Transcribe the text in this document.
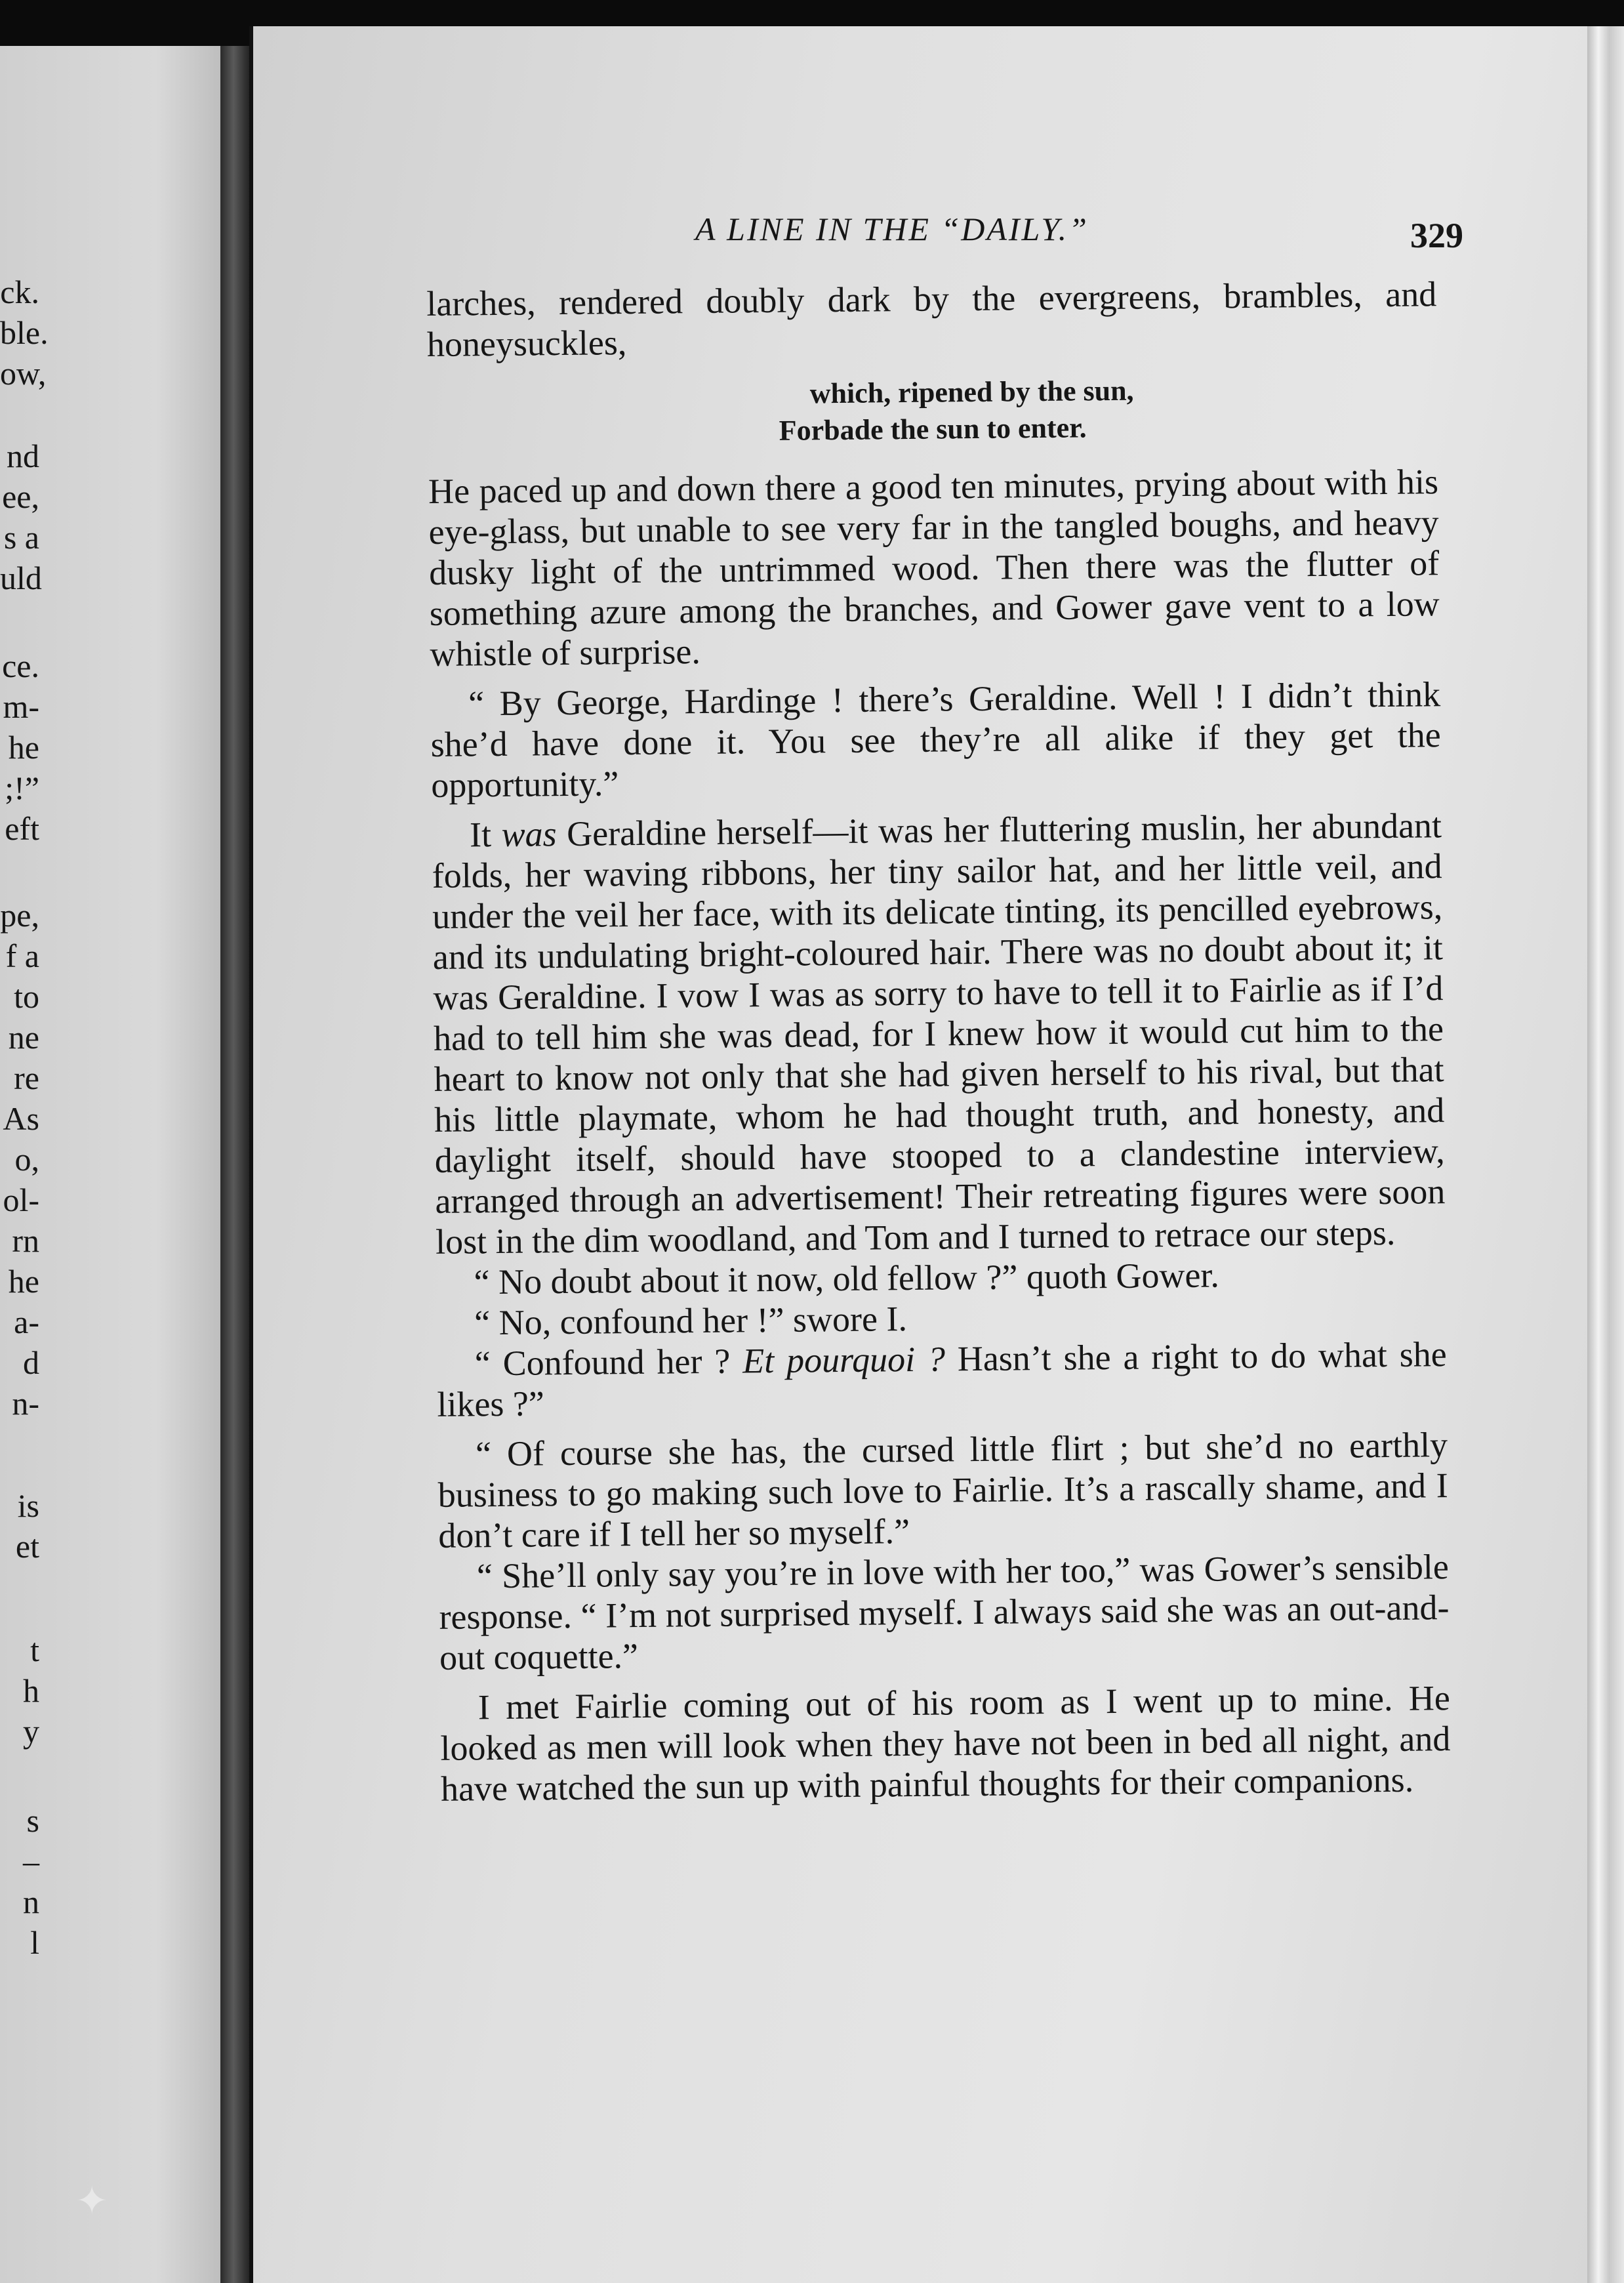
ck.
ble.
ow,
nd
ee,
s a
uld
ce.
m-
he
;!”
eft
pe,
f a
to
ne
re
As
o,
ol-
rn
he
a-
d
n-
is
et
t
h
y
s
–
n
l
A LINE IN THE “DAILY.”	329

larches, rendered doubly dark by the evergreens, brambles, and honeysuckles,

which, ripened by the sun,
Forbade the sun to enter.

He paced up and down there a good ten minutes, prying about with his eye-glass, but unable to see very far in the tangled boughs, and heavy dusky light of the untrimmed wood. Then there was the flutter of something azure among the branches, and Gower gave vent to a low whistle of surprise.

“ By George, Hardinge ! there’s Geraldine. Well ! I didn’t think she’d have done it. You see they’re all alike if they get the opportunity.”

It was Geraldine herself—it was her fluttering muslin, her abundant folds, her waving ribbons, her tiny sailor hat, and her little veil, and under the veil her face, with its delicate tinting, its pencilled eyebrows, and its undulating bright-coloured hair. There was no doubt about it; it was Geraldine. I vow I was as sorry to have to tell it to Fairlie as if I’d had to tell him she was dead, for I knew how it would cut him to the heart to know not only that she had given herself to his rival, but that his little playmate, whom he had thought truth, and honesty, and daylight itself, should have stooped to a clandestine interview, arranged through an advertisement! Their retreating figures were soon lost in the dim woodland, and Tom and I turned to retrace our steps.

“ No doubt about it now, old fellow ?” quoth Gower.

“ No, confound her !” swore I.

“ Confound her ? Et pourquoi ? Hasn’t she a right to do what she likes ?”

“ Of course she has, the cursed little flirt ; but she’d no earthly business to go making such love to Fairlie. It’s a rascally shame, and I don’t care if I tell her so myself.”

“ She’ll only say you’re in love with her too,” was Gower’s sensible response. “ I’m not surprised myself. I always said she was an out-and-out coquette.”

I met Fairlie coming out of his room as I went up to mine. He looked as men will look when they have not been in bed all night, and have watched the sun up with painful thoughts for their companions.

✦
